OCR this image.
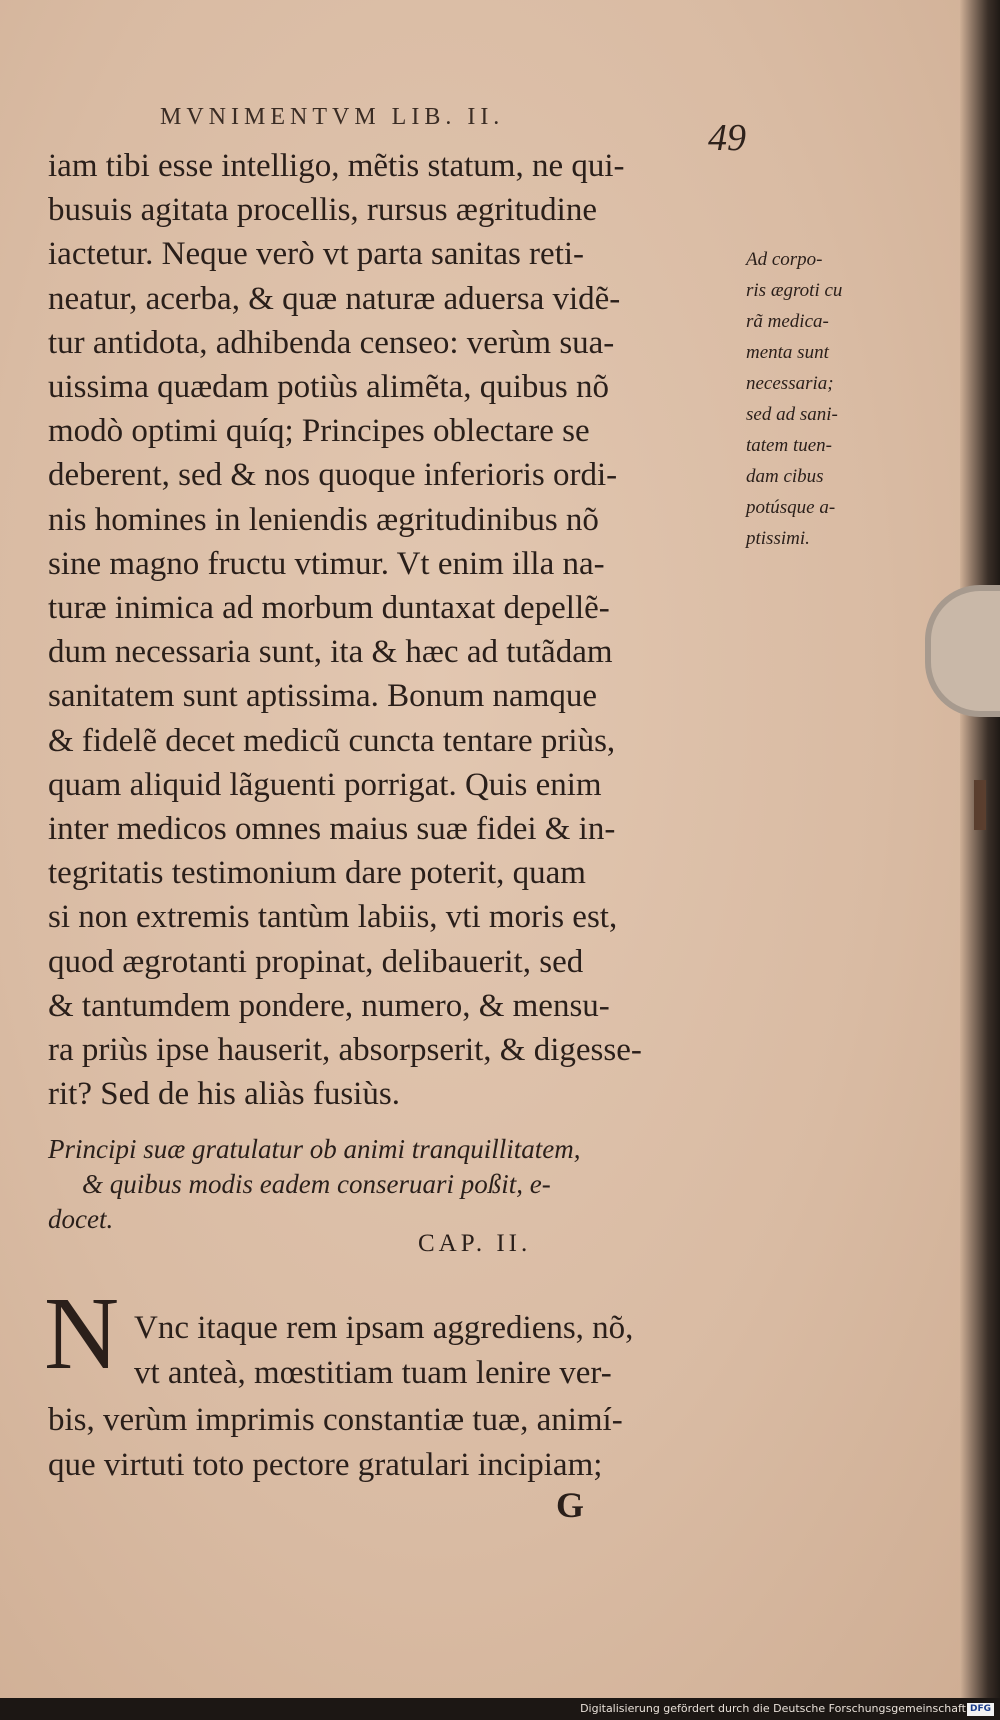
MVNIMENTVM LIB. II.	49
iam tibi esse intelligo, mẽtis statum, ne qui-
busuis agitata procellis, rursus ægritudine
iactetur. Neque verò vt parta sanitas reti-
neatur, acerba, & quæ naturæ aduersa vidẽ-
tur antidota, adhibenda censeo: verùm sua-
uissima quædam potiùs alimẽta, quibus nõ
modò optimi quíq; Principes oblectare se
deberent, sed & nos quoque inferioris ordi-
nis homines in leniendis ægritudinibus nõ
sine magno fructu vtimur. Vt enim illa na-
turæ inimica ad morbum duntaxat depellẽ-
dum necessaria sunt, ita & hæc ad tutãdam
sanitatem sunt aptissima. Bonum namque
& fidelẽ decet medicũ cuncta tentare priùs,
quam aliquid lãguenti porrigat. Quis enim
inter medicos omnes maius suæ fidei & in-
tegritatis testimonium dare poterit, quam
si non extremis tantùm labiis, vti moris est,
quod ægrotanti propinat, delibauerit, sed
& tantumdem pondere, numero, & mensu-
ra priùs ipse hauserit, absorpserit, & digesse-
rit? Sed de his aliàs fusiùs.
Ad corpo-
ris ægroti cu
rã medica-
menta sunt
necessaria;
sed ad sani-
tatem tuen-
dam cibus
potúsque a-
ptissimi.
Principi suæ gratulatur ob animi tranquillitatem,
& quibus modis eadem conseruari poßit, e-
docet.
CAP. II.
N Vnc itaque rem ipsam aggrediens, nõ,
vt anteà, mœstitiam tuam lenire ver-
bis, verùm imprimis constantiæ tuæ, animí-
que virtuti toto pectore gratulari incipiam;
G
Digitalisierung gefördert durch die Deutsche Forschungsgemeinschaft DFG
